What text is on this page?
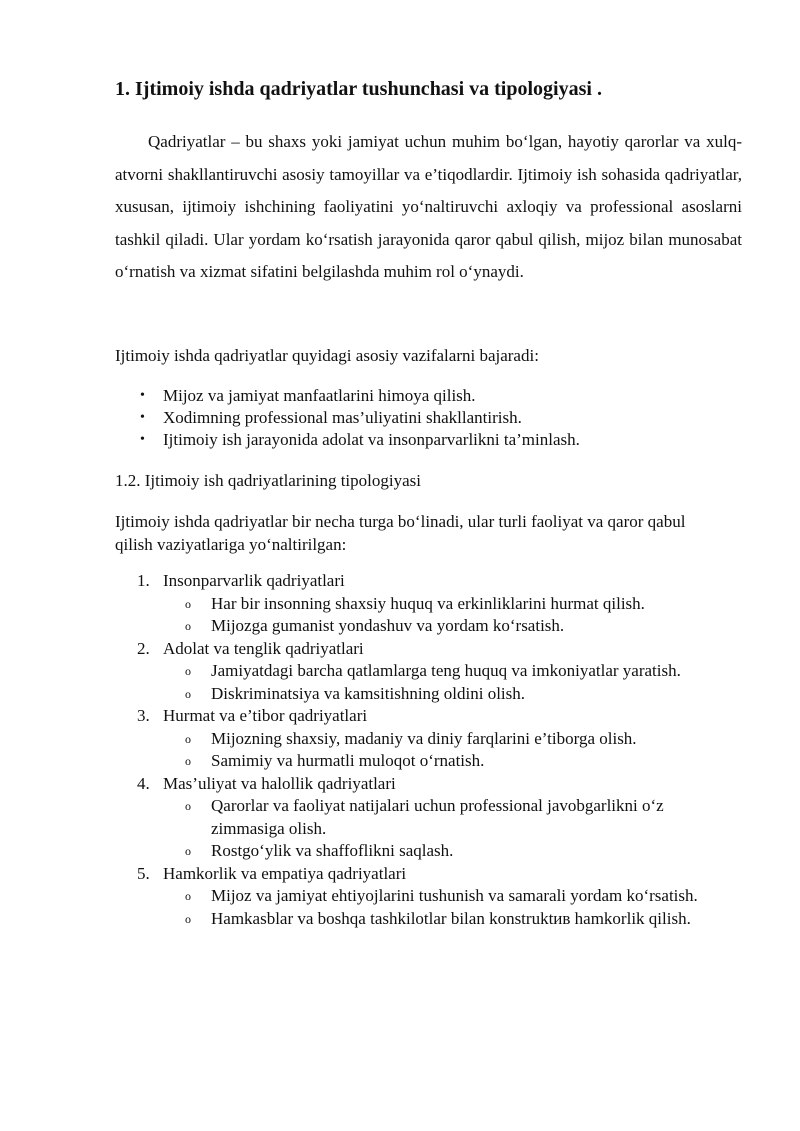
1. Ijtimoiy ishda qadriyatlar tushunchasi va tipologiyasi .

Qadriyatlar – bu shaxs yoki jamiyat uchun muhim bo‘lgan, hayotiy qarorlar va xulq-atvorni shakllantiruvchi asosiy tamoyillar va e’tiqodlardir. Ijtimoiy ish sohasida qadriyatlar, xususan, ijtimoiy ishchining faoliyatini yo‘naltiruvchi axloqiy va professional asoslarni tashkil qiladi. Ular yordam ko‘rsatish jarayonida qaror qabul qilish, mijoz bilan munosabat o‘rnatish va xizmat sifatini belgilashda muhim rol o‘ynaydi.

Ijtimoiy ishda qadriyatlar quyidagi asosiy vazifalarni bajaradi:

• Mijoz va jamiyat manfaatlarini himoya qilish.
• Xodimning professional mas’uliyatini shakllantirish.
• Ijtimoiy ish jarayonida adolat va insonparvarlikni ta’minlash.

1.2. Ijtimoiy ish qadriyatlarining tipologiyasi

Ijtimoiy ishda qadriyatlar bir necha turga bo‘linadi, ular turli faoliyat va qaror qabul qilish vaziyatlariga yo‘naltirilgan:

1. Insonparvarlik qadriyatlari
o Har bir insonning shaxsiy huquq va erkinliklarini hurmat qilish.
o Mijozga gumanist yondashuv va yordam ko‘rsatish.
2. Adolat va tenglik qadriyatlari
o Jamiyatdagi barcha qatlamlarga teng huquq va imkoniyatlar yaratish.
o Diskriminatsiya va kamsitishning oldini olish.
3. Hurmat va e’tibor qadriyatlari
o Mijozning shaxsiy, madaniy va diniy farqlarini e’tiborga olish.
o Samimiy va hurmatli muloqot o‘rnatish.
4. Mas’uliyat va halollik qadriyatlari
o Qarorlar va faoliyat natijalari uchun professional javobgarlikni o‘z zimmasiga olish.
o Rostgo‘ylik va shaffoflikni saqlash.
5. Hamkorlik va empatiya qadriyatlari
o Mijoz va jamiyat ehtiyojlarini tushunish va samarali yordam ko‘rsatish.
o Hamkasblar va boshqa tashkilotlar bilan konstruktив hamkorlik qilish.
